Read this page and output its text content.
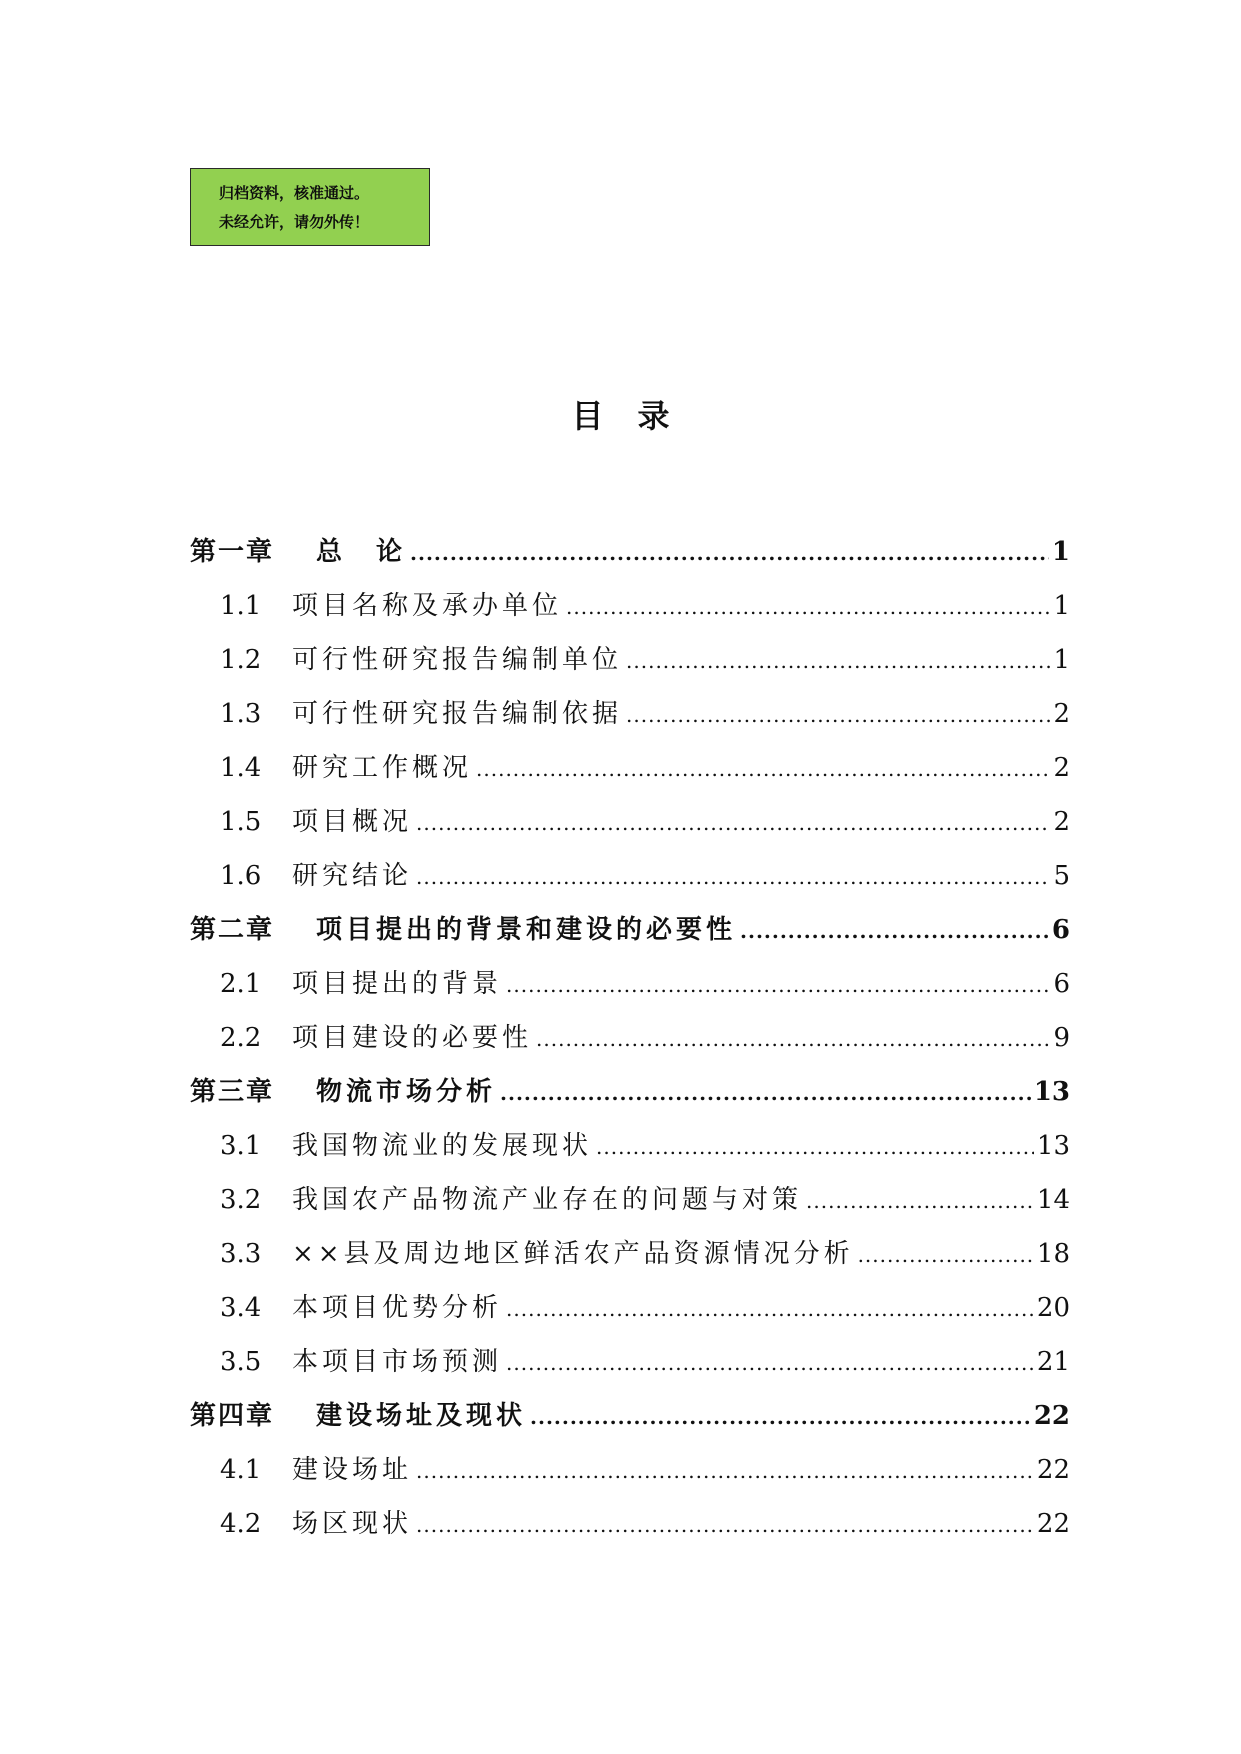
归档资料，核准通过。
未经允许，请勿外传！
目录
第一章	总　论 .....	1
1.1	项目名称及承办单位 .....	1
1.2	可行性研究报告编制单位 .....	1
1.3	可行性研究报告编制依据 .....	2
1.4	研究工作概况 .....	2
1.5	项目概况 .....	2
1.6	研究结论 .....	5
第二章	项目提出的背景和建设的必要性 .....	6
2.1	项目提出的背景 .....	6
2.2	项目建设的必要性 .....	9
第三章	物流市场分析 .....	13
3.1	我国物流业的发展现状 .....	13
3.2	我国农产品物流产业存在的问题与对策 .....	14
3.3	××县及周边地区鲜活农产品资源情况分析 .....	18
3.4	本项目优势分析 .....	20
3.5	本项目市场预测 .....	21
第四章	建设场址及现状 .....	22
4.1	建设场址 .....	22
4.2	场区现状 .....	22
